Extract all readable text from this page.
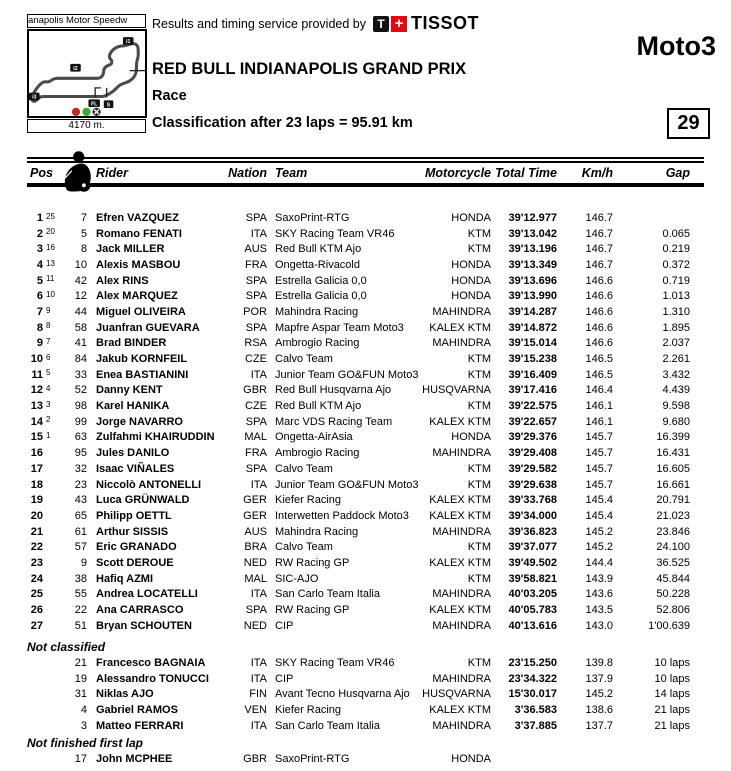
anapolis Motor Speedw
i1
i2
i3
FL S
4170 m.
Results and timing service provided by T + TISSOT
Moto3
RED BULL INDIANAPOLIS GRAND PRIX
Race
Classification after 23 laps = 95.91 km	29
Pos	Rider	Nation Team	Motorcycle Total Time	Km/h	Gap
1 25	7 Efren VAZQUEZ	SPA SaxoPrint-RTG	HONDA	39'12.977	146.7
2 20	5 Romano FENATI	ITA SKY Racing Team VR46	KTM	39'13.042	146.7	0.065
3 16	8 Jack MILLER	AUS Red Bull KTM Ajo	KTM	39'13.196	146.7	0.219
4 13	10 Alexis MASBOU	FRA Ongetta-Rivacold	HONDA	39'13.349	146.7	0.372
5 11	42 Alex RINS	SPA Estrella Galicia 0,0	HONDA	39'13.696	146.6	0.719
6 10	12 Alex MARQUEZ	SPA Estrella Galicia 0,0	HONDA	39'13.990	146.6	1.013
7 9	44 Miguel OLIVEIRA	POR Mahindra Racing	MAHINDRA	39'14.287	146.6	1.310
8 8	58 Juanfran GUEVARA	SPA Mapfre Aspar Team Moto3	KALEX KTM	39'14.872	146.6	1.895
9 7	41 Brad BINDER	RSA Ambrogio Racing	MAHINDRA	39'15.014	146.6	2.037
10 6	84 Jakub KORNFEIL	CZE Calvo Team	KTM	39'15.238	146.5	2.261
11 5	33 Enea BASTIANINI	ITA Junior Team GO&FUN Moto3	KTM	39'16.409	146.5	3.432
12 4	52 Danny KENT	GBR Red Bull Husqvarna Ajo	HUSQVARNA	39'17.416	146.4	4.439
13 3	98 Karel HANIKA	CZE Red Bull KTM Ajo	KTM	39'22.575	146.1	9.598
14 2	99 Jorge NAVARRO	SPA Marc VDS Racing Team	KALEX KTM	39'22.657	146.1	9.680
15 1	63 Zulfahmi KHAIRUDDIN	MAL Ongetta-AirAsia	HONDA	39'29.376	145.7	16.399
16	95 Jules DANILO	FRA Ambrogio Racing	MAHINDRA	39'29.408	145.7	16.431
17	32 Isaac VIÑALES	SPA Calvo Team	KTM	39'29.582	145.7	16.605
18	23 Niccolò ANTONELLI	ITA Junior Team GO&FUN Moto3	KTM	39'29.638	145.7	16.661
19	43 Luca GRÜNWALD	GER Kiefer Racing	KALEX KTM	39'33.768	145.4	20.791
20	65 Philipp OETTL	GER Interwetten Paddock Moto3	KALEX KTM	39'34.000	145.4	21.023
21	61 Arthur SISSIS	AUS Mahindra Racing	MAHINDRA	39'36.823	145.2	23.846
22	57 Eric GRANADO	BRA Calvo Team	KTM	39'37.077	145.2	24.100
23	9 Scott DEROUE	NED RW Racing GP	KALEX KTM	39'49.502	144.4	36.525
24	38 Hafiq AZMI	MAL SIC-AJO	KTM	39'58.821	143.9	45.844
25	55 Andrea LOCATELLI	ITA San Carlo Team Italia	MAHINDRA	40'03.205	143.6	50.228
26	22 Ana CARRASCO	SPA RW Racing GP	KALEX KTM	40'05.783	143.5	52.806
27	51 Bryan SCHOUTEN	NED CIP	MAHINDRA	40'13.616	143.0	1'00.639
Not classified
21 Francesco BAGNAIA	ITA SKY Racing Team VR46	KTM	23'15.250	139.8	10 laps
19 Alessandro TONUCCI	ITA CIP	MAHINDRA	23'34.322	137.9	10 laps
31 Niklas AJO	FIN Avant Tecno Husqvarna Ajo	HUSQVARNA	15'30.017	145.2	14 laps
4 Gabriel RAMOS	VEN Kiefer Racing	KALEX KTM	3'36.583	138.6	21 laps
3 Matteo FERRARI	ITA San Carlo Team Italia	MAHINDRA	3'37.885	137.7	21 laps
Not finished first lap
17 John MCPHEE	GBR SaxoPrint-RTG	HONDA
